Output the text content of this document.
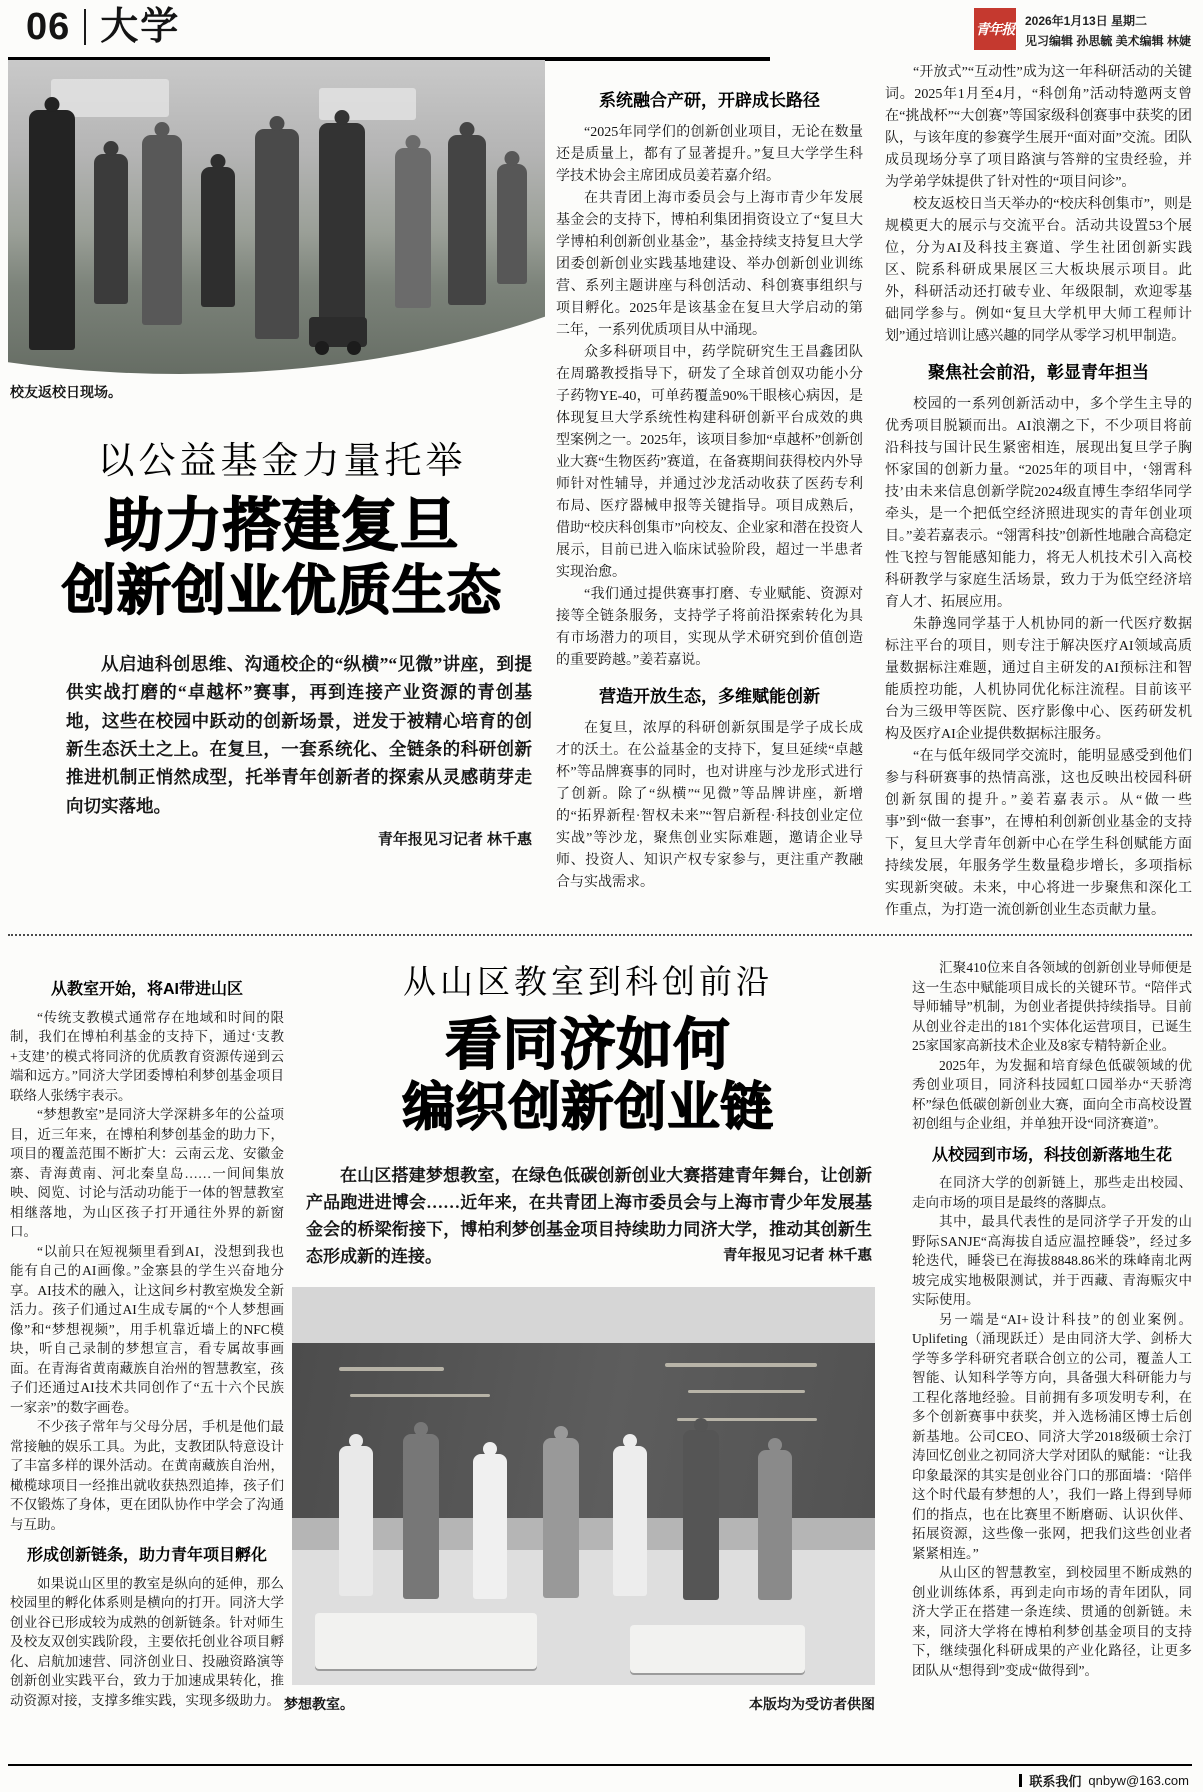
06 大学	青年报
2026年1月13日 星期二
见习编辑 孙思毓 美术编辑 林婕
校友返校日现场。
以公益基金力量托举
助力搭建复旦
创新创业优质生态

从启迪科创思维、沟通校企的“纵横”“见微”讲座，到提供实战打磨的“卓越杯”赛事，再到连接产业资源的青创基地，这些在校园中跃动的创新场景，迸发于被精心培育的创新生态沃土之上。在复旦，一套系统化、全链条的科研创新推进机制正悄然成型，托举青年创新者的探索从灵感萌芽走向切实落地。

青年报见习记者 林千惠
系统融合产研，开辟成长路径

“2025年同学们的创新创业项目，无论在数量还是质量上，都有了显著提升。”复旦大学学生科学技术协会主席团成员姜若嘉介绍。

在共青团上海市委员会与上海市青少年发展基金会的支持下，博柏利集团捐资设立了“复旦大学博柏利创新创业基金”，基金持续支持复旦大学团委创新创业实践基地建设、举办创新创业训练营、系列主题讲座与科创活动、科创赛事组织与项目孵化。2025年是该基金在复旦大学启动的第二年，一系列优质项目从中涌现。

众多科研项目中，药学院研究生王昌鑫团队在周璐教授指导下，研发了全球首创双功能小分子药物YE-40，可单药覆盖90%干眼核心病因，是体现复旦大学系统性构建科研创新平台成效的典型案例之一。2025年，该项目参加“卓越杯”创新创业大赛“生物医药”赛道，在备赛期间获得校内外导师针对性辅导，并通过沙龙活动收获了医药专利布局、医疗器械申报等关键指导。项目成熟后，借助“校庆科创集市”向校友、企业家和潜在投资人展示，目前已进入临床试验阶段，超过一半患者实现治愈。

“我们通过提供赛事打磨、专业赋能、资源对接等全链条服务，支持学子将前沿探索转化为具有市场潜力的项目，实现从学术研究到价值创造的重要跨越。”姜若嘉说。

营造开放生态，多维赋能创新

在复旦，浓厚的科研创新氛围是学子成长成才的沃土。在公益基金的支持下，复旦延续“卓越杯”等品牌赛事的同时，也对讲座与沙龙形式进行了创新。除了“纵横”“见微”等品牌讲座，新增的“拓界新程·智权未来”“智启新程·科技创业定位实战”等沙龙，聚焦创业实际难题，邀请企业导师、投资人、知识产权专家参与，更注重产教融合与实战需求。

“开放式”“互动性”成为这一年科研活动的关键词。2025年1月至4月，“科创角”活动特邀两支曾在“挑战杯”“大创赛”等国家级科创赛事中获奖的团队，与该年度的参赛学生展开“面对面”交流。团队成员现场分享了项目路演与答辩的宝贵经验，并为学弟学妹提供了针对性的“项目问诊”。

校友返校日当天举办的“校庆科创集市”，则是规模更大的展示与交流平台。活动共设置53个展位，分为AI及科技主赛道、学生社团创新实践区、院系科研成果展区三大板块展示项目。此外，科研活动还打破专业、年级限制，欢迎零基础同学参与。例如“复旦大学机甲大师工程师计划”通过培训让感兴趣的同学从零学习机甲制造。

聚焦社会前沿，彰显青年担当

校园的一系列创新活动中，多个学生主导的优秀项目脱颖而出。AI浪潮之下，不少项目将前沿科技与国计民生紧密相连，展现出复旦学子胸怀家国的创新力量。“2025年的项目中，‘翎霄科技’由未来信息创新学院2024级直博生李绍华同学牵头，是一个把低空经济照进现实的青年创业项目。”姜若嘉表示。“翎霄科技”创新性地融合高稳定性飞控与智能感知能力，将无人机技术引入高校科研教学与家庭生活场景，致力于为低空经济培育人才、拓展应用。

朱静逸同学基于人机协同的新一代医疗数据标注平台的项目，则专注于解决医疗AI领域高质量数据标注难题，通过自主研发的AI预标注和智能质控功能，人机协同优化标注流程。目前该平台为三级甲等医院、医疗影像中心、医药研发机构及医疗AI企业提供数据标注服务。

“在与低年级同学交流时，能明显感受到他们参与科研赛事的热情高涨，这也反映出校园科研创新氛围的提升。”姜若嘉表示。从“做一些事”到“做一套事”，在博柏利创新创业基金的支持下，复旦大学青年创新中心在学生科创赋能方面持续发展，年服务学生数量稳步增长，多项指标实现新突破。未来，中心将进一步聚焦和深化工作重点，为打造一流创新创业生态贡献力量。

从教室开始，将AI带进山区

“传统支教模式通常存在地域和时间的限制，我们在博柏利基金的支持下，通过‘支教+支建’的模式将同济的优质教育资源传递到云端和远方。”同济大学团委博柏利梦创基金项目联络人张绣宇表示。

“梦想教室”是同济大学深耕多年的公益项目，近三年来，在博柏利梦创基金的助力下，项目的覆盖范围不断扩大：云南云龙、安徽金寨、青海黄南、河北秦皇岛……一间间集放映、阅览、讨论与活动功能于一体的智慧教室相继落地，为山区孩子打开通往外界的新窗口。

“以前只在短视频里看到AI，没想到我也能有自己的AI画像。”金寨县的学生兴奋地分享。AI技术的融入，让这间乡村教室焕发全新活力。孩子们通过AI生成专属的“个人梦想画像”和“梦想视频”，用手机靠近墙上的NFC模块，听自己录制的梦想宣言，看专属故事画面。在青海省黄南藏族自治州的智慧教室，孩子们还通过AI技术共同创作了“五十六个民族一家亲”的数字画卷。

不少孩子常年与父母分居，手机是他们最常接触的娱乐工具。为此，支教团队特意设计了丰富多样的课外活动。在黄南藏族自治州，橄榄球项目一经推出就收获热烈追捧，孩子们不仅锻炼了身体，更在团队协作中学会了沟通与互助。

形成创新链条，助力青年项目孵化

如果说山区里的教室是纵向的延伸，那么校园里的孵化体系则是横向的打开。同济大学创业谷已形成较为成熟的创新链条。针对师生及校友双创实践阶段，主要依托创业谷项目孵化、启航加速营、同济创业日、投融资路演等创新创业实践平台，致力于加速成果转化，推动资源对接，支撑多维实践，实现多级助力。

从山区教室到科创前沿
看同济如何
编织创新创业链

在山区搭建梦想教室，在绿色低碳创新创业大赛搭建青年舞台，让创新产品跑进进博会……近年来，在共青团上海市委员会与上海市青少年发展基金会的桥梁衔接下，博柏利梦创基金项目持续助力同济大学，推动其创新生态形成新的连接。	青年报见习记者 林千惠
梦想教室。	本版均为受访者供图

汇聚410位来自各领域的创新创业导师便是这一生态中赋能项目成长的关键环节。“陪伴式导师辅导”机制，为创业者提供持续指导。目前从创业谷走出的181个实体化运营项目，已诞生25家国家高新技术企业及8家专精特新企业。

2025年，为发掘和培育绿色低碳领域的优秀创业项目，同济科技园虹口园举办“天骄湾杯”绿色低碳创新创业大赛，面向全市高校设置初创组与企业组，并单独开设“同济赛道”。

从校园到市场，科技创新落地生花

在同济大学的创新链上，那些走出校园、走向市场的项目是最终的落脚点。

其中，最具代表性的是同济学子开发的山野际SANJE“高海拔自适应温控睡袋”，经过多轮迭代，睡袋已在海拔8848.86米的珠峰南北两坡完成实地极限测试，并于西藏、青海赈灾中实际使用。

另一端是“AI+设计科技”的创业案例。Uplifeting（涌现跃迁）是由同济大学、剑桥大学等多学科研究者联合创立的公司，覆盖人工智能、认知科学等方向，具备强大科研能力与工程化落地经验。目前拥有多项发明专利，在多个创新赛事中获奖，并入选杨浦区博士后创新基地。公司CEO、同济大学2018级硕士佘汀涛回忆创业之初同济大学对团队的赋能：“让我印象最深的其实是创业谷门口的那面墙：‘陪伴这个时代最有梦想的人’，我们一路上得到导师们的指点，也在比赛里不断磨砺、认识伙伴、拓展资源，这些像一张网，把我们这些创业者紧紧相连。”

从山区的智慧教室，到校园里不断成熟的创业训练体系，再到走向市场的青年团队，同济大学正在搭建一条连续、贯通的创新链。未来，同济大学将在博柏利梦创基金项目的支持下，继续强化科研成果的产业化路径，让更多团队从“想得到”变成“做得到”。

联系我们 qnbyw@163.com
